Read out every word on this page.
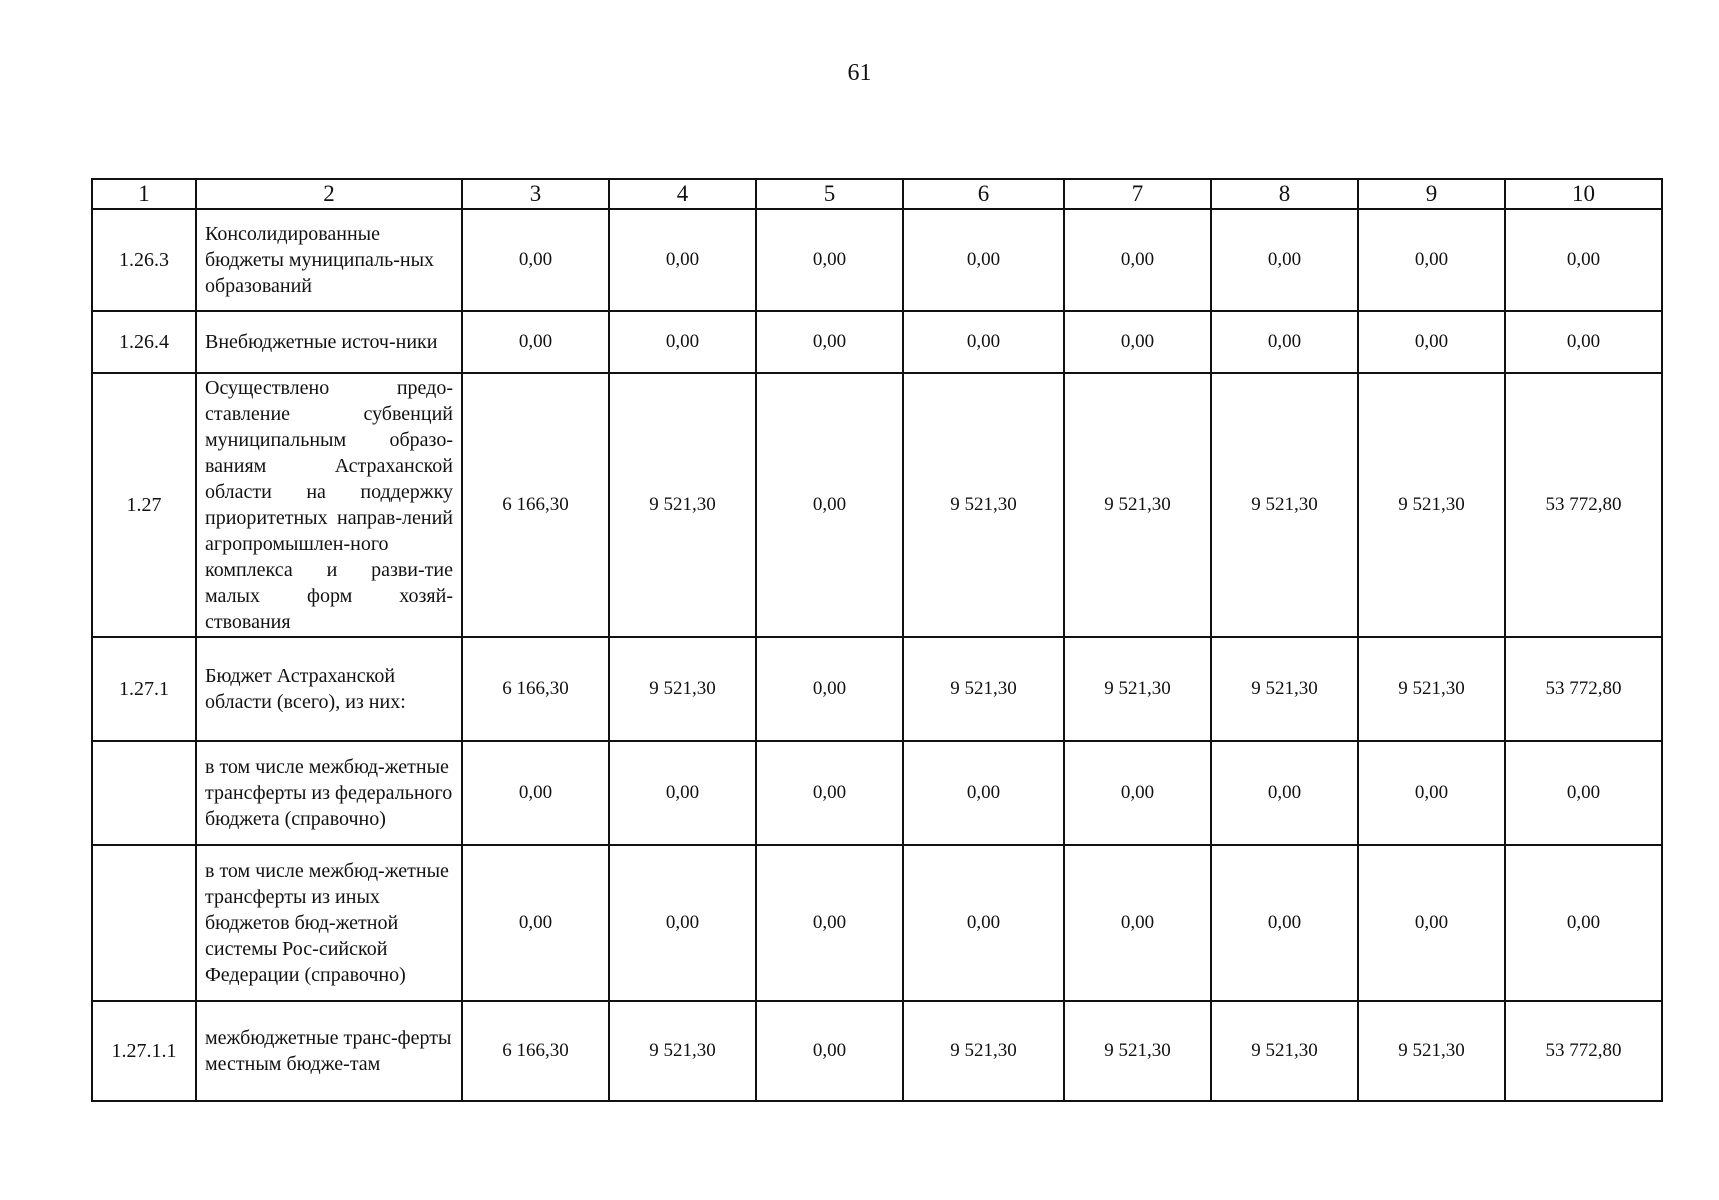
61
1	2	3	4	5	6	7	8	9	10
1.26.3	Консолидированные бюджеты муниципаль-ных образований	0,00	0,00	0,00	0,00	0,00	0,00	0,00	0,00
1.26.4	Внебюджетные источ-ники	0,00	0,00	0,00	0,00	0,00	0,00	0,00	0,00
1.27	Осуществлено предо-ставление субвенций муниципальным образо-ваниям Астраханской области на поддержку приоритетных направ-лений агропромышлен-ного комплекса и разви-тие малых форм хозяй-ствования	6 166,30	9 521,30	0,00	9 521,30	9 521,30	9 521,30	9 521,30	53 772,80
1.27.1	Бюджет Астраханской области (всего), из них:	6 166,30	9 521,30	0,00	9 521,30	9 521,30	9 521,30	9 521,30	53 772,80
	в том числе межбюд-жетные трансферты из федерального бюджета (справочно)	0,00	0,00	0,00	0,00	0,00	0,00	0,00	0,00
	в том числе межбюд-жетные трансферты из иных бюджетов бюд-жетной системы Рос-сийской Федерации (справочно)	0,00	0,00	0,00	0,00	0,00	0,00	0,00	0,00
1.27.1.1	межбюджетные транс-ферты местным бюдже-там	6 166,30	9 521,30	0,00	9 521,30	9 521,30	9 521,30	9 521,30	53 772,80
